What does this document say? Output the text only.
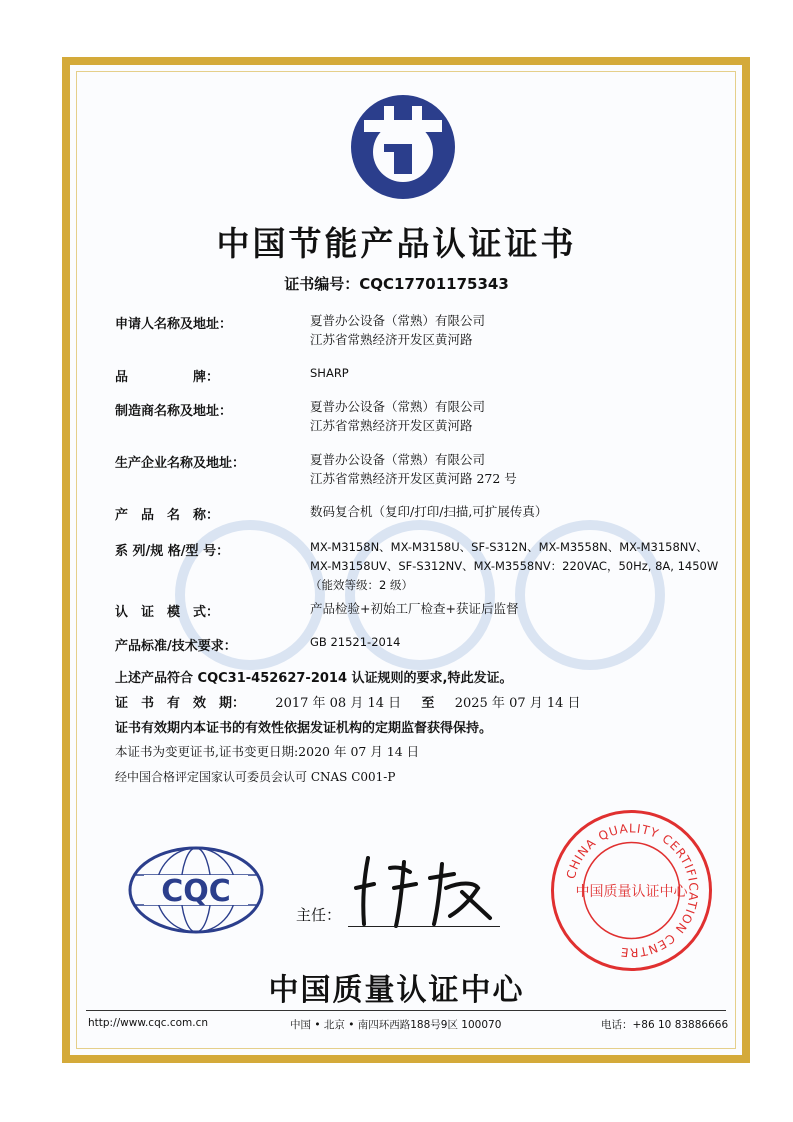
中国节能产品认证证书
证书编号：CQC17701175343
申请人名称及地址：	夏普办公设备（常熟）有限公司
江苏省常熟经济开发区黄河路
品　　　　　牌：	SHARP
制造商名称及地址：	夏普办公设备（常熟）有限公司
江苏省常熟经济开发区黄河路
生产企业名称及地址：	夏普办公设备（常熟）有限公司
江苏省常熟经济开发区黄河路 272 号
产　品　名　称：	数码复合机（复印/打印/扫描,可扩展传真）
系 列/规 格/型 号：	MX-M3158N、MX-M3158U、SF-S312N、MX-M3558N、MX-M3158NV、
MX-M3158UV、SF-S312NV、MX-M3558NV：220VAC，50Hz, 8A, 1450W
（能效等级：2 级）
认　证　模　式：	产品检验+初始工厂检查+获证后监督
产品标准/技术要求：	GB 21521-2014
上述产品符合 CQC31-452627-2014 认证规则的要求,特此发证。
证　书　有　效　期： 2017 年 08 月 14 日 至 2025 年 07 月 14 日
证书有效期内本证书的有效性依据发证机构的定期监督获得保持。
本证书为变更证书,证书变更日期:2020 年 07 月 14 日
经中国合格评定国家认可委员会认可 CNAS C001-P
CQC
主任：
CHINA QUALITY CERTIFICATION CENTRE
中国质量认证中心
中国质量认证中心
http://www.cqc.com.cn	中国 • 北京 • 南四环西路188号9区 100070	电话：+86 10 83886666
